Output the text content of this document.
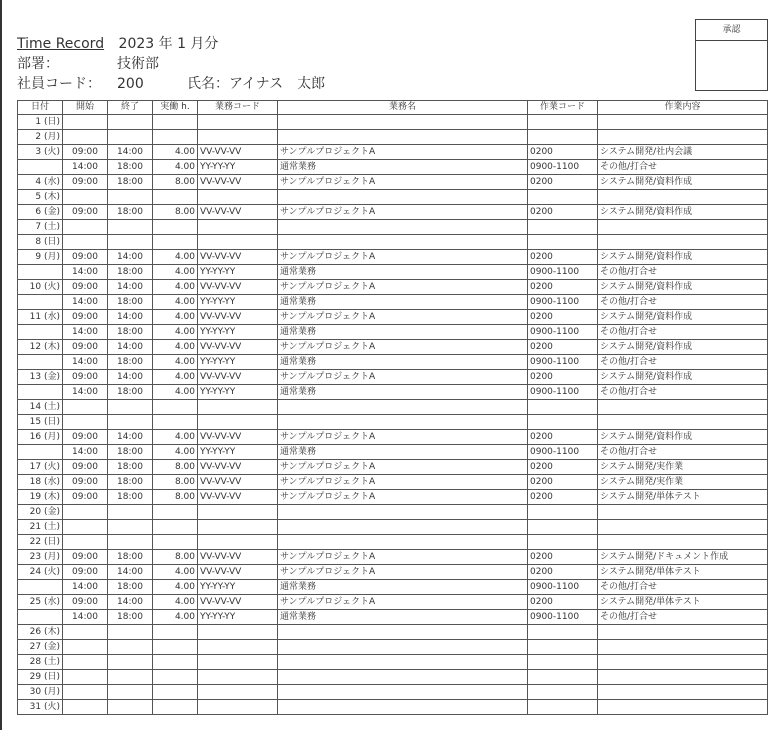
Time Record 2023 年 1 月分
部署：	技術部
社員コード： 200	氏名：アイナス　太郎
承認
日付	開始	終了	実働 h.	業務コード	業務名	作業コード	作業内容
1 (日)							
2 (月)							
3 (火)	09:00	14:00	4.00	VV-VV-VV	サンプルプロジェクトA	0200	システム開発/社内会議
	14:00	18:00	4.00	YY-YY-YY	通常業務	0900-1100	その他/打合せ
4 (水)	09:00	18:00	8.00	VV-VV-VV	サンプルプロジェクトA	0200	システム開発/資料作成
5 (木)							
6 (金)	09:00	18:00	8.00	VV-VV-VV	サンプルプロジェクトA	0200	システム開発/資料作成
7 (土)							
8 (日)							
9 (月)	09:00	14:00	4.00	VV-VV-VV	サンプルプロジェクトA	0200	システム開発/資料作成
	14:00	18:00	4.00	YY-YY-YY	通常業務	0900-1100	その他/打合せ
10 (火)	09:00	14:00	4.00	VV-VV-VV	サンプルプロジェクトA	0200	システム開発/資料作成
	14:00	18:00	4.00	YY-YY-YY	通常業務	0900-1100	その他/打合せ
11 (水)	09:00	14:00	4.00	VV-VV-VV	サンプルプロジェクトA	0200	システム開発/資料作成
	14:00	18:00	4.00	YY-YY-YY	通常業務	0900-1100	その他/打合せ
12 (木)	09:00	14:00	4.00	VV-VV-VV	サンプルプロジェクトA	0200	システム開発/資料作成
	14:00	18:00	4.00	YY-YY-YY	通常業務	0900-1100	その他/打合せ
13 (金)	09:00	14:00	4.00	VV-VV-VV	サンプルプロジェクトA	0200	システム開発/資料作成
	14:00	18:00	4.00	YY-YY-YY	通常業務	0900-1100	その他/打合せ
14 (土)							
15 (日)							
16 (月)	09:00	14:00	4.00	VV-VV-VV	サンプルプロジェクトA	0200	システム開発/資料作成
	14:00	18:00	4.00	YY-YY-YY	通常業務	0900-1100	その他/打合せ
17 (火)	09:00	18:00	8.00	VV-VV-VV	サンプルプロジェクトA	0200	システム開発/実作業
18 (水)	09:00	18:00	8.00	VV-VV-VV	サンプルプロジェクトA	0200	システム開発/実作業
19 (木)	09:00	18:00	8.00	VV-VV-VV	サンプルプロジェクトA	0200	システム開発/単体テスト
20 (金)							
21 (土)							
22 (日)							
23 (月)	09:00	18:00	8.00	VV-VV-VV	サンプルプロジェクトA	0200	システム開発/ドキュメント作成
24 (火)	09:00	14:00	4.00	VV-VV-VV	サンプルプロジェクトA	0200	システム開発/単体テスト
	14:00	18:00	4.00	YY-YY-YY	通常業務	0900-1100	その他/打合せ
25 (水)	09:00	14:00	4.00	VV-VV-VV	サンプルプロジェクトA	0200	システム開発/単体テスト
	14:00	18:00	4.00	YY-YY-YY	通常業務	0900-1100	その他/打合せ
26 (木)							
27 (金)							
28 (土)							
29 (日)							
30 (月)							
31 (火)							
